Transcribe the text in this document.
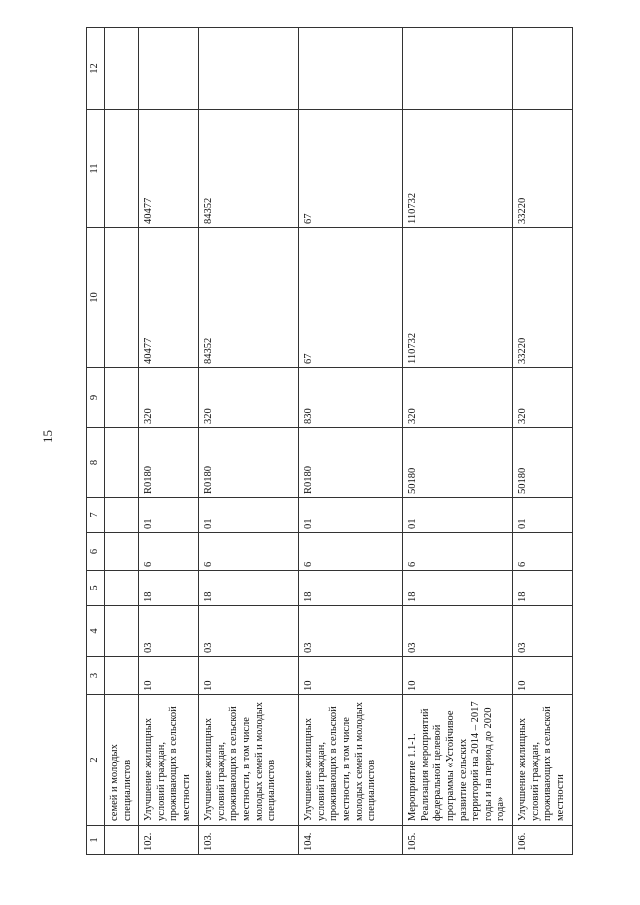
15
1	2	3	4	5	6	7	8	9	10	11	12
	семей и молодых специалистов										
102.	Улучшение жилищных условий граждан, проживающих в сельской местности	10	03	18	6	01	R0180	320	40477	40477	
103.	Улучшение жилищных условий граждан, проживающих в сельской местности, в том числе молодых семей и молодых специалистов	10	03	18	6	01	R0180	320	84352	84352	
104.	Улучшение жилищных условий граждан, проживающих в сельской местности, в том числе молодых семей и молодых специалистов	10	03	18	6	01	R0180	830	67	67	
105.	Мероприятие 1.1-1. Реализация мероприятий федеральной целевой программы «Устойчивое развитие сельских территорий на 2014 – 2017 годы и на период до 2020 года»	10	03	18	6	01	50180	320	110732	110732	
106.	Улучшение жилищных условий граждан, проживающих в сельской местности	10	03	18	6	01	50180	320	33220	33220	
